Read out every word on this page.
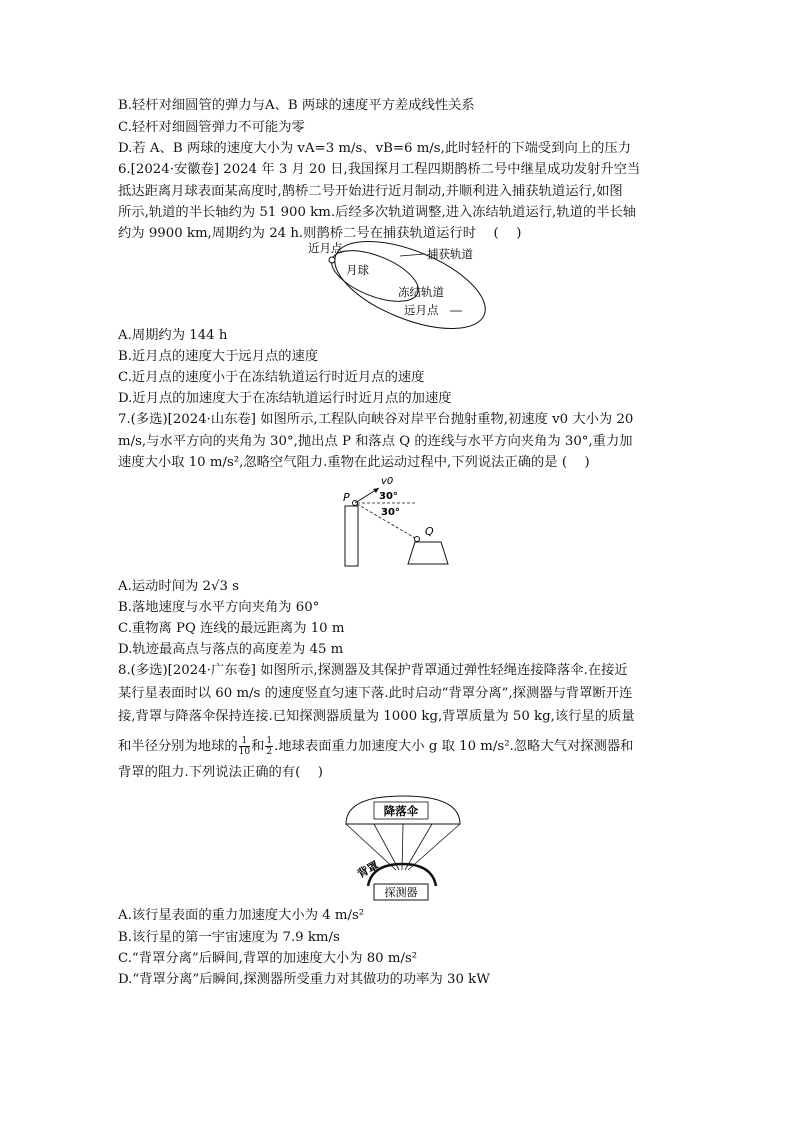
B.轻杆对细圆管的弹力与A、B 两球的速度平方差成线性关系
C.轻杆对细圆管弹力不可能为零
D.若 A、B 两球的速度大小为 vA=3 m/s、vB=6 m/s,此时轻杆的下端受到向上的压力
6.[2024·安徽卷] 2024 年 3 月 20 日,我国探月工程四期鹊桥二号中继星成功发射升空当
抵达距离月球表面某高度时,鹊桥二号开始进行近月制动,并顺利进入捕获轨道运行,如图
所示,轨道的半长轴约为 51 900 km.后经多次轨道调整,进入冻结轨道运行,轨道的半长轴
约为 9900 km,周期约为 24 h.则鹊桥二号在捕获轨道运行时　 (　 )
近月点
月球
捕获轨道
冻结轨道
远月点
A.周期约为 144 h
B.近月点的速度大于远月点的速度
C.近月点的速度小于在冻结轨道运行时近月点的速度
D.近月点的加速度大于在冻结轨道运行时近月点的加速度
7.(多选)[2024·山东卷] 如图所示,工程队向峡谷对岸平台抛射重物,初速度 v0 大小为 20
m/s,与水平方向的夹角为 30°,抛出点 P 和落点 Q 的连线与水平方向夹角为 30°,重力加
速度大小取 10 m/s²,忽略空气阻力.重物在此运动过程中,下列说法正确的是 (　 )
P
v0
30°
30°
Q
A.运动时间为 2√3 s
B.落地速度与水平方向夹角为 60°
C.重物离 PQ 连线的最远距离为 10 m
D.轨迹最高点与落点的高度差为 45 m
8.(多选)[2024·广东卷] 如图所示,探测器及其保护背罩通过弹性轻绳连接降落伞.在接近
某行星表面时以 60 m/s 的速度竖直匀速下落.此时启动“背罩分离”,探测器与背罩断开连
接,背罩与降落伞保持连接.已知探测器质量为 1000 kg,背罩质量为 50 kg,该行星的质量
和半径分别为地球的 $\frac{1}{10}$ 和 $\frac{1}{2}$ .地球表面重力加速度大小 g 取 10 m/s².忽略大气对探测器和
背罩的阻力.下列说法正确的有(　 )
降落伞
背罩
探测器
A.该行星表面的重力加速度大小为 4 m/s²
B.该行星的第一宇宙速度为 7.9 km/s
C.“背罩分离”后瞬间,背罩的加速度大小为 80 m/s²
D.“背罩分离”后瞬间,探测器所受重力对其做功的功率为 30 kW
